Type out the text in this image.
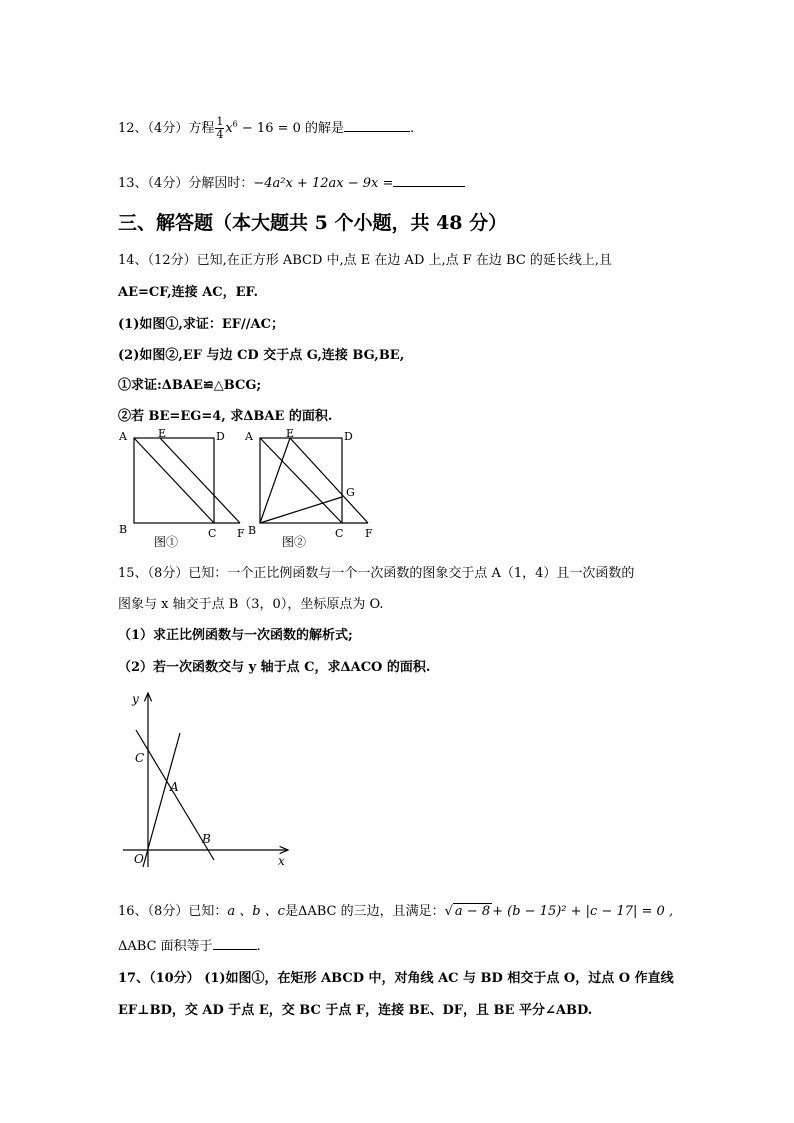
12、（4分）方程 $\frac{1}{4} x^6 - 16 = 0$ 的解是	.
13、（4分）分解因时：−4a²x + 12ax − 9x =
三、解答题（本大题共 5 个小题，共 48 分）
14、（12分）已知,在正方形 ABCD 中,点 E 在边 AD 上,点 F 在边 BC 的延长线上,且
AE=CF,连接 AC，EF.
(1)如图①,求证：EF//AC；
(2)如图②,EF 与边 CD 交于点 G,连接 BG,BE,
①求证:ΔBAE≌△BCG;
②若 BE=EG=4, 求ΔBAE 的面积.
A	E	D
B	C F
图①
A	E	D
G
B	C F
图②
15、（8分）已知：一个正比例函数与一个一次函数的图象交于点 A（1，4）且一次函数的
图象与 x 轴交于点 B（3，0），坐标原点为 O.
（1）求正比例函数与一次函数的解析式;
（2）若一次函数交与 y 轴于点 C，求ΔACO 的面积.
y
x
C
A
B
O
16、（8分）已知：a 、b 、c是ΔABC 的三边，且满足：√ a − 8 + (b − 15)² + |c − 17| = 0 ,
ΔABC 面积等于	.
17、（10分） (1)如图①，在矩形 ABCD 中，对角线 AC 与 BD 相交于点 O，过点 O 作直线
EF⊥BD，交 AD 于点 E，交 BC 于点 F，连接 BE、DF，且 BE 平分∠ABD.
